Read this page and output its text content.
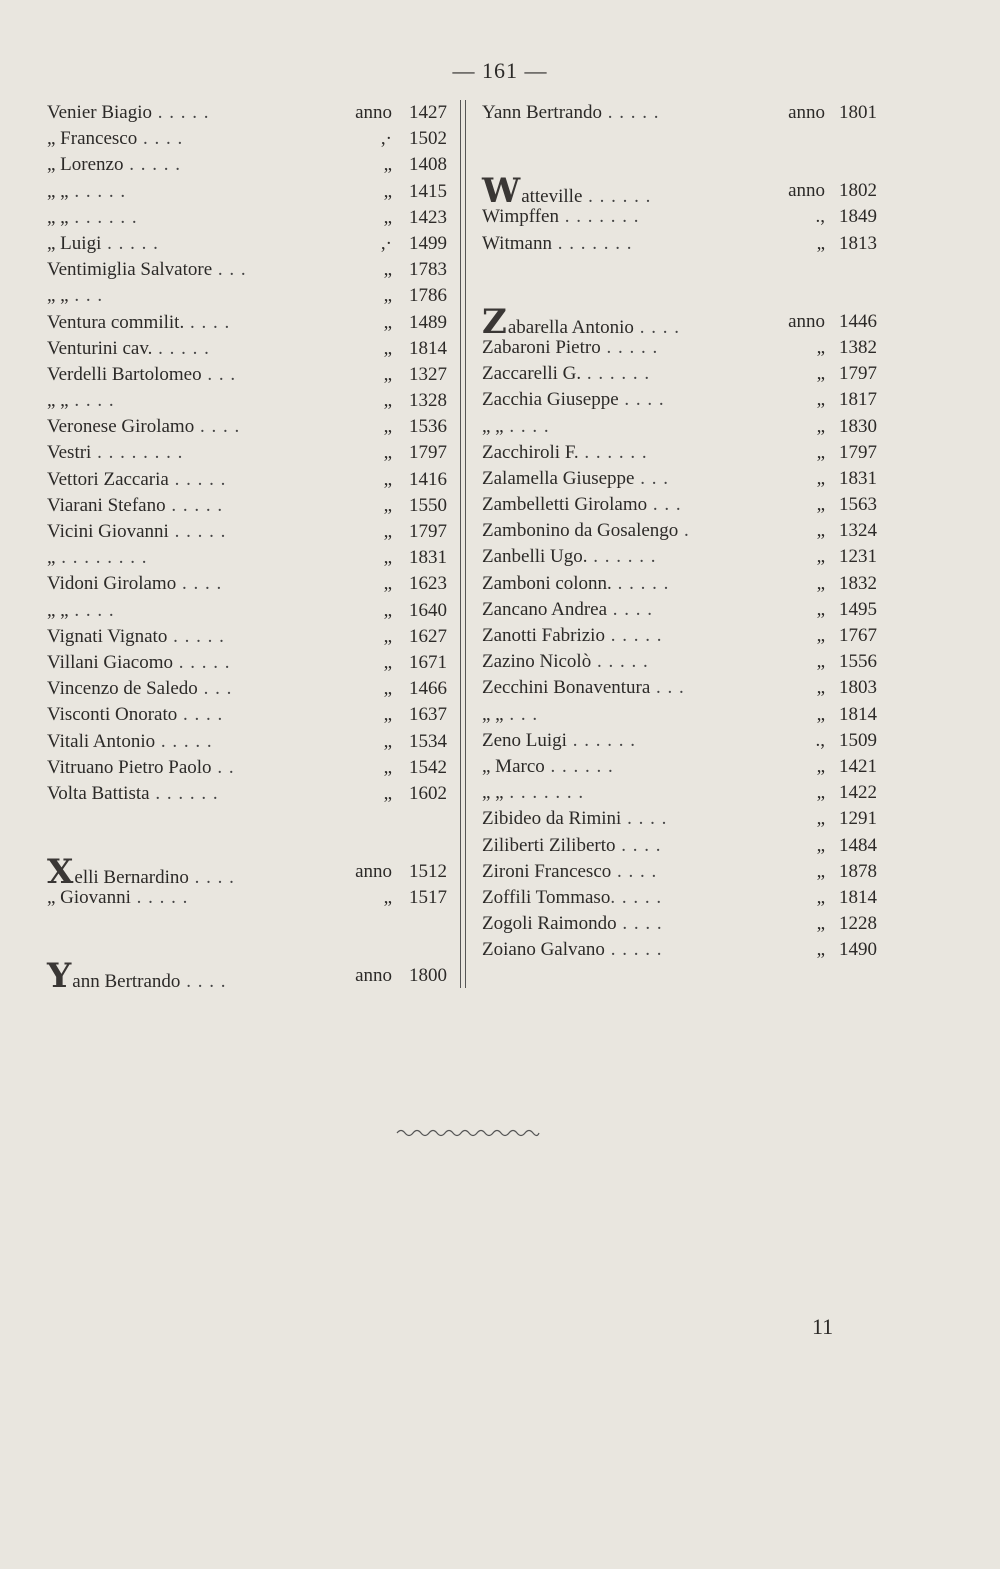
— 161 —
Venier Biagio . . . . .	anno 1427
„ Francesco . . . .	,· 1502
„ Lorenzo . . . . .	„ 1408
„ „ . . . . .	„ 1415
„ „ . . . . . .	„ 1423
„ Luigi . . . . .	,· 1499
Ventimiglia Salvatore . . .	„ 1783
„ „ . . .	„ 1786
Ventura commilit. . . . .	„ 1489
Venturini cav. . . . . .	„ 1814
Verdelli Bartolomeo . . .	„ 1327
„ „ . . . .	„ 1328
Veronese Girolamo . . . .	„ 1536
Vestri . . . . . . . .	„ 1797
Vettori Zaccaria . . . . .	„ 1416
Viarani Stefano . . . . .	„ 1550
Vicini Giovanni . . . . .	„ 1797
„ . . . . . . . .	„ 1831
Vidoni Girolamo . . . .	„ 1623
„ „ . . . .	„ 1640
Vignati Vignato . . . . .	„ 1627
Villani Giacomo . . . . .	„ 1671
Vincenzo de Saledo . . .	„ 1466
Visconti Onorato . . . .	„ 1637
Vitali Antonio . . . . .	„ 1534
Vitruano Pietro Paolo . .	„ 1542
Volta Battista . . . . . .	„ 1602
Xelli Bernardino . . . .	anno 1512
„ Giovanni . . . . .	„ 1517
Yann Bertrando . . . .	anno 1800
Yann Bertrando . . . . .	anno 1801
Watteville . . . . . .	anno 1802
Wimpffen . . . . . . .	., 1849
Witmann . . . . . . .	„ 1813
Zabarella Antonio . . . .	anno 1446
Zabaroni Pietro . . . . .	„ 1382
Zaccarelli G. . . . . . .	„ 1797
Zacchia Giuseppe . . . .	„ 1817
„ „ . . . .	„ 1830
Zacchiroli F. . . . . . .	„ 1797
Zalamella Giuseppe . . .	„ 1831
Zambelletti Girolamo . . .	„ 1563
Zambonino da Gosalengo .	„ 1324
Zanbelli Ugo. . . . . . .	„ 1231
Zamboni colonn. . . . . .	„ 1832
Zancano Andrea . . . .	„ 1495
Zanotti Fabrizio . . . . .	„ 1767
Zazino Nicolò . . . . .	„ 1556
Zecchini Bonaventura . . .	„ 1803
„ „ . . .	„ 1814
Zeno Luigi . . . . . .	., 1509
„ Marco . . . . . .	„ 1421
„ „ . . . . . . .	„ 1422
Zibideo da Rimini . . . .	„ 1291
Ziliberti Ziliberto . . . .	„ 1484
Zironi Francesco . . . .	„ 1878
Zoffili Tommaso. . . . .	„ 1814
Zogoli Raimondo . . . .	„ 1228
Zoiano Galvano . . . . .	„ 1490
11
